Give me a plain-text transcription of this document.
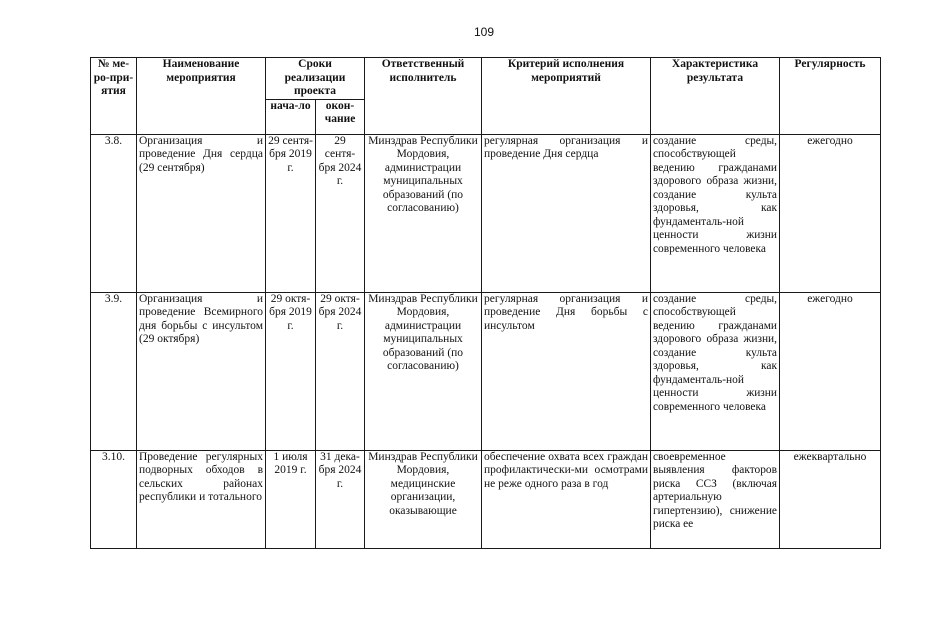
109
№ ме-ро-при-ятия	Наименование мероприятия	Сроки реализации проекта		Ответственный исполнитель	Критерий исполнения мероприятий	Характеристика результата	Регулярность
		нача-ло	окон-чание				
3.8.	Организация и проведение Дня сердца (29 сентября)	29 сентя-бря 2019 г.	29 сентя-бря 2024 г.	Минздрав Республики Мордовия, администрации муниципальных образований (по согласованию)	регулярная организация и проведение Дня сердца	создание среды, способствующей ведению гражданами здорового образа жизни, создание культа здоровья, как фундаменталь-ной ценности жизни современного человека	ежегодно
3.9.	Организация и проведение Всемирного дня борьбы с инсультом (29 октября)	29 октя-бря 2019 г.	29 октя-бря 2024 г.	Минздрав Республики Мордовия, администрации муниципальных образований (по согласованию)	регулярная организация и проведение Дня борьбы с инсультом	создание среды, способствующей ведению гражданами здорового образа жизни, создание культа здоровья, как фундаменталь-ной ценности жизни современного человека	ежегодно
3.10.	Проведение регулярных подворных обходов в сельских районах республики и тотального	1 июля 2019 г.	31 дека-бря 2024 г.	Минздрав Республики Мордовия, медицинские организации, оказывающие	обеспечение охвата всех граждан профилактически-ми осмотрами не реже одного раза в год	своевременное выявления факторов риска ССЗ (включая артериальную гипертензию), снижение риска ее	ежеквартально
